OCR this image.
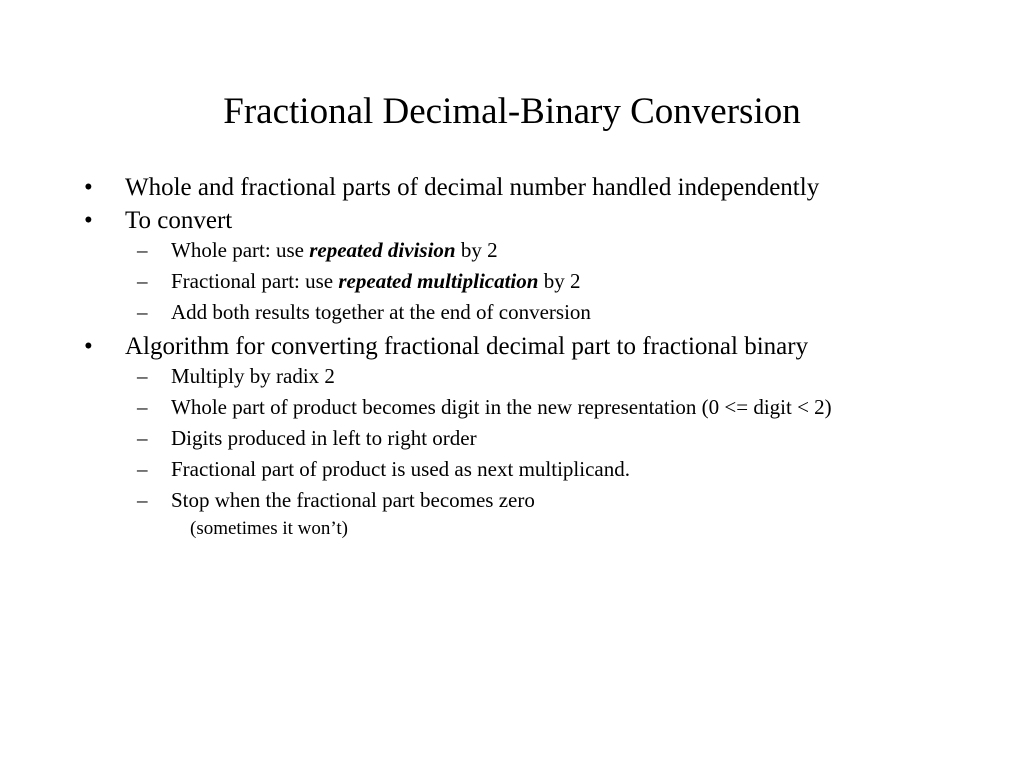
Fractional Decimal-Binary Conversion

• Whole and fractional parts of decimal number handled independently

• To convert

– Whole part: use repeated division by 2

– Fractional part: use repeated multiplication by 2

– Add both results together at the end of conversion

• Algorithm for converting fractional decimal part to fractional binary

– Multiply by radix 2

– Whole part of product becomes digit in the new representation (0 <= digit < 2)

– Digits produced in left to right order

– Fractional part of product is used as next multiplicand.

– Stop when the fractional part becomes zero

(sometimes it won’t)
